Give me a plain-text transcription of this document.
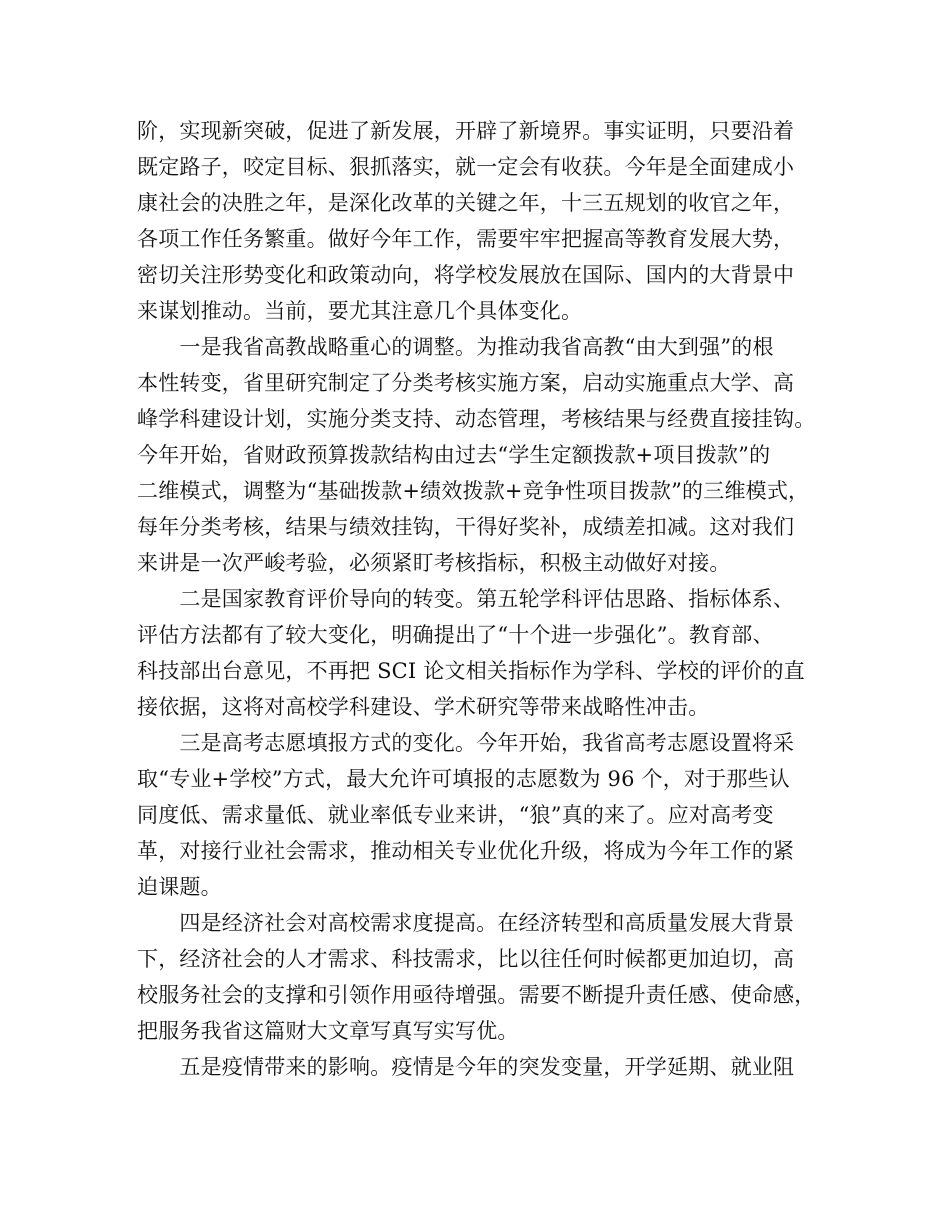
阶，实现新突破，促进了新发展，开辟了新境界。事实证明，只要沿着
既定路子，咬定目标、狠抓落实，就一定会有收获。今年是全面建成小
康社会的决胜之年，是深化改革的关键之年，十三五规划的收官之年，
各项工作任务繁重。做好今年工作，需要牢牢把握高等教育发展大势，
密切关注形势变化和政策动向，将学校发展放在国际、国内的大背景中
来谋划推动。当前，要尤其注意几个具体变化。
　　一是我省高教战略重心的调整。为推动我省高教“由大到强”的根
本性转变，省里研究制定了分类考核实施方案，启动实施重点大学、高
峰学科建设计划，实施分类支持、动态管理，考核结果与经费直接挂钩。
今年开始，省财政预算拨款结构由过去“学生定额拨款+项目拨款”的
二维模式，调整为“基础拨款+绩效拨款+竞争性项目拨款”的三维模式，
每年分类考核，结果与绩效挂钩，干得好奖补，成绩差扣减。这对我们
来讲是一次严峻考验，必须紧盯考核指标，积极主动做好对接。
　　二是国家教育评价导向的转变。第五轮学科评估思路、指标体系、
评估方法都有了较大变化，明确提出了“十个进一步强化”。教育部、
科技部出台意见，不再把 SCI 论文相关指标作为学科、学校的评价的直
接依据，这将对高校学科建设、学术研究等带来战略性冲击。
　　三是高考志愿填报方式的变化。今年开始，我省高考志愿设置将采
取“专业+学校”方式，最大允许可填报的志愿数为 96 个，对于那些认
同度低、需求量低、就业率低专业来讲，“狼”真的来了。应对高考变
革，对接行业社会需求，推动相关专业优化升级，将成为今年工作的紧
迫课题。
　　四是经济社会对高校需求度提高。在经济转型和高质量发展大背景
下，经济社会的人才需求、科技需求，比以往任何时候都更加迫切，高
校服务社会的支撑和引领作用亟待增强。需要不断提升责任感、使命感，
把服务我省这篇财大文章写真写实写优。
　　五是疫情带来的影响。疫情是今年的突发变量，开学延期、就业阻
